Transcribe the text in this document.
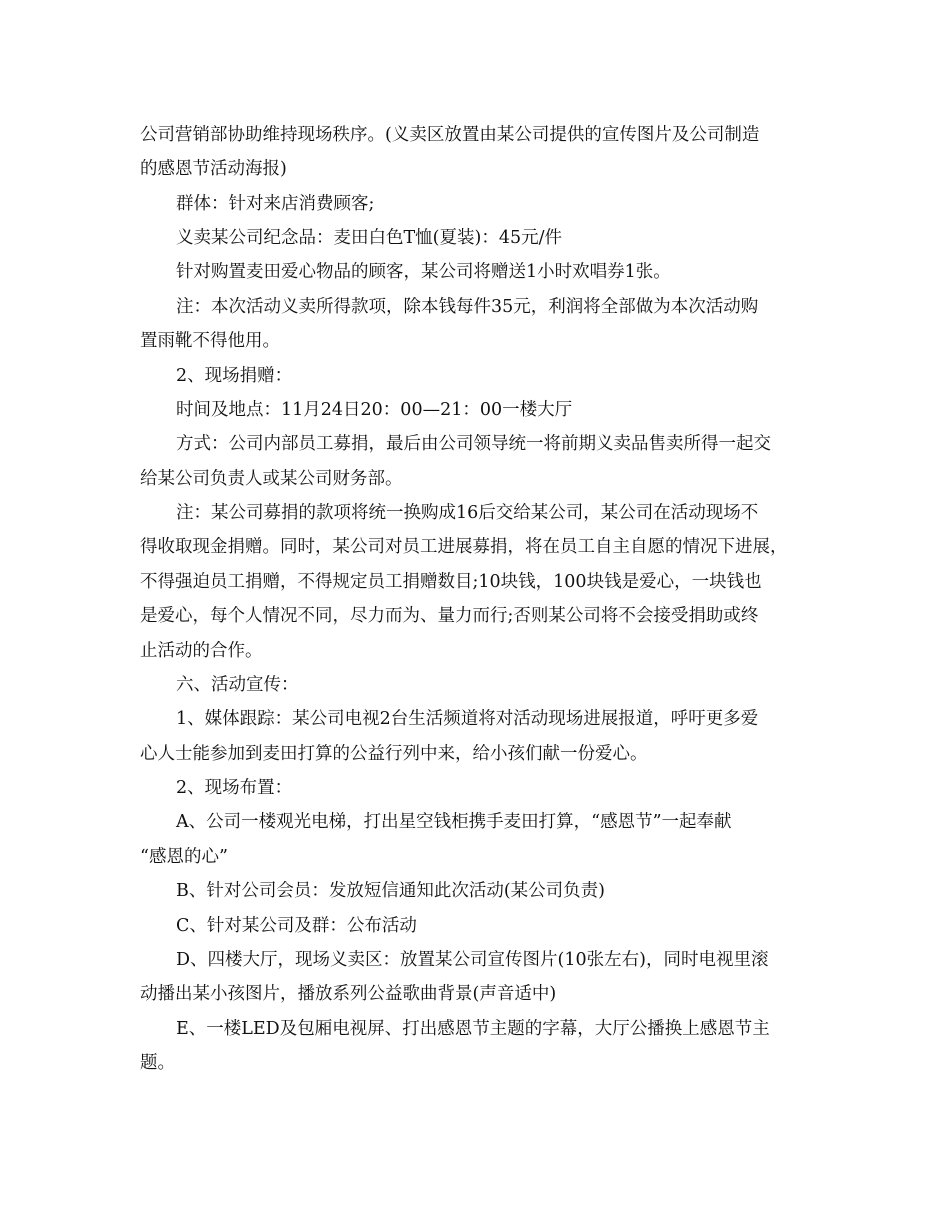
公司营销部协助维持现场秩序。(义卖区放置由某公司提供的宣传图片及公司制造
的感恩节活动海报)
群体：针对来店消费顾客;
义卖某公司纪念品：麦田白色T恤(夏装)：45元/件
针对购置麦田爱心物品的顾客，某公司将赠送1小时欢唱券1张。
注：本次活动义卖所得款项，除本钱每件35元，利润将全部做为本次活动购
置雨靴不得他用。
2、现场捐赠：
时间及地点：11月24日20：00—21：00一楼大厅
方式：公司内部员工募捐，最后由公司领导统一将前期义卖品售卖所得一起交
给某公司负责人或某公司财务部。
注：某公司募捐的款项将统一换购成16后交给某公司，某公司在活动现场不
得收取现金捐赠。同时，某公司对员工进展募捐，将在员工自主自愿的情况下进展，
不得强迫员工捐赠，不得规定员工捐赠数目;10块钱，100块钱是爱心，一块钱也
是爱心，每个人情况不同，尽力而为、量力而行;否则某公司将不会接受捐助或终
止活动的合作。
六、活动宣传：
1、媒体跟踪：某公司电视2台生活频道将对活动现场进展报道，呼吁更多爱
心人士能参加到麦田打算的公益行列中来，给小孩们献一份爱心。
2、现场布置：
A、公司一楼观光电梯，打出星空钱柜携手麦田打算，“感恩节”一起奉献
“感恩的心”
B、针对公司会员：发放短信通知此次活动(某公司负责)
C、针对某公司及群：公布活动
D、四楼大厅，现场义卖区：放置某公司宣传图片(10张左右)，同时电视里滚
动播出某小孩图片，播放系列公益歌曲背景(声音适中)
E、一楼LED及包厢电视屏、打出感恩节主题的字幕，大厅公播换上感恩节主
题。
